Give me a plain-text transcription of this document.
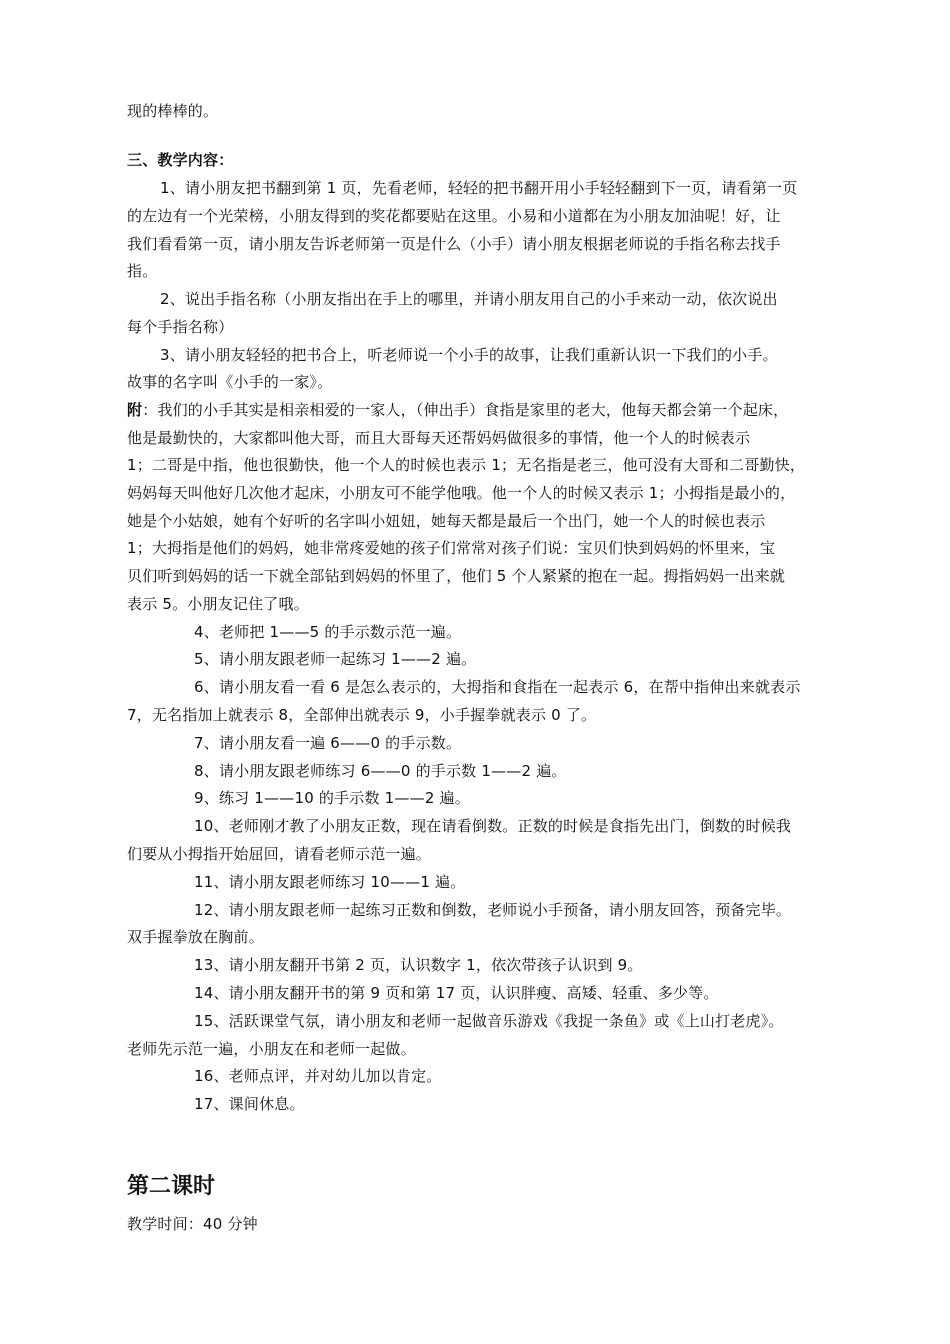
现的棒棒的。
三、教学内容：
1、请小朋友把书翻到第 1 页，先看老师，轻轻的把书翻开用小手轻轻翻到下一页，请看第一页
的左边有一个光荣榜，小朋友得到的奖花都要贴在这里。小易和小道都在为小朋友加油呢！好，让
我们看看第一页，请小朋友告诉老师第一页是什么（小手）请小朋友根据老师说的手指名称去找手
指。
2、说出手指名称（小朋友指出在手上的哪里，并请小朋友用自己的小手来动一动，依次说出
每个手指名称）
3、请小朋友轻轻的把书合上，听老师说一个小手的故事，让我们重新认识一下我们的小手。
故事的名字叫《小手的一家》。
附：我们的小手其实是相亲相爱的一家人，（伸出手）食指是家里的老大，他每天都会第一个起床，
他是最勤快的，大家都叫他大哥，而且大哥每天还帮妈妈做很多的事情，他一个人的时候表示
1；二哥是中指，他也很勤快，他一个人的时候也表示 1；无名指是老三，他可没有大哥和二哥勤快，
妈妈每天叫他好几次他才起床，小朋友可不能学他哦。他一个人的时候又表示 1；小拇指是最小的，
她是个小姑娘，她有个好听的名字叫小妞妞，她每天都是最后一个出门，她一个人的时候也表示
1；大拇指是他们的妈妈，她非常疼爱她的孩子们常常对孩子们说：宝贝们快到妈妈的怀里来，宝
贝们听到妈妈的话一下就全部钻到妈妈的怀里了，他们 5 个人紧紧的抱在一起。拇指妈妈一出来就
表示 5。小朋友记住了哦。
4、老师把 1——5 的手示数示范一遍。
5、请小朋友跟老师一起练习 1——2 遍。
6、请小朋友看一看 6 是怎么表示的，大拇指和食指在一起表示 6，在帮中指伸出来就表示
7，无名指加上就表示 8，全部伸出就表示 9，小手握拳就表示 0 了。
7、请小朋友看一遍 6——0 的手示数。
8、请小朋友跟老师练习 6——0 的手示数 1——2 遍。
9、练习 1——10 的手示数 1——2 遍。
10、老师刚才教了小朋友正数，现在请看倒数。正数的时候是食指先出门，倒数的时候我
们要从小拇指开始屈回，请看老师示范一遍。
11、请小朋友跟老师练习 10——1 遍。
12、请小朋友跟老师一起练习正数和倒数，老师说小手预备，请小朋友回答，预备完毕。
双手握拳放在胸前。
13、请小朋友翻开书第 2 页，认识数字 1，依次带孩子认识到 9。
14、请小朋友翻开书的第 9 页和第 17 页，认识胖瘦、高矮、轻重、多少等。
15、活跃课堂气氛，请小朋友和老师一起做音乐游戏《我捉一条鱼》或《上山打老虎》。
老师先示范一遍，小朋友在和老师一起做。
16、老师点评，并对幼儿加以肯定。
17、课间休息。
第二课时
教学时间：40 分钟
